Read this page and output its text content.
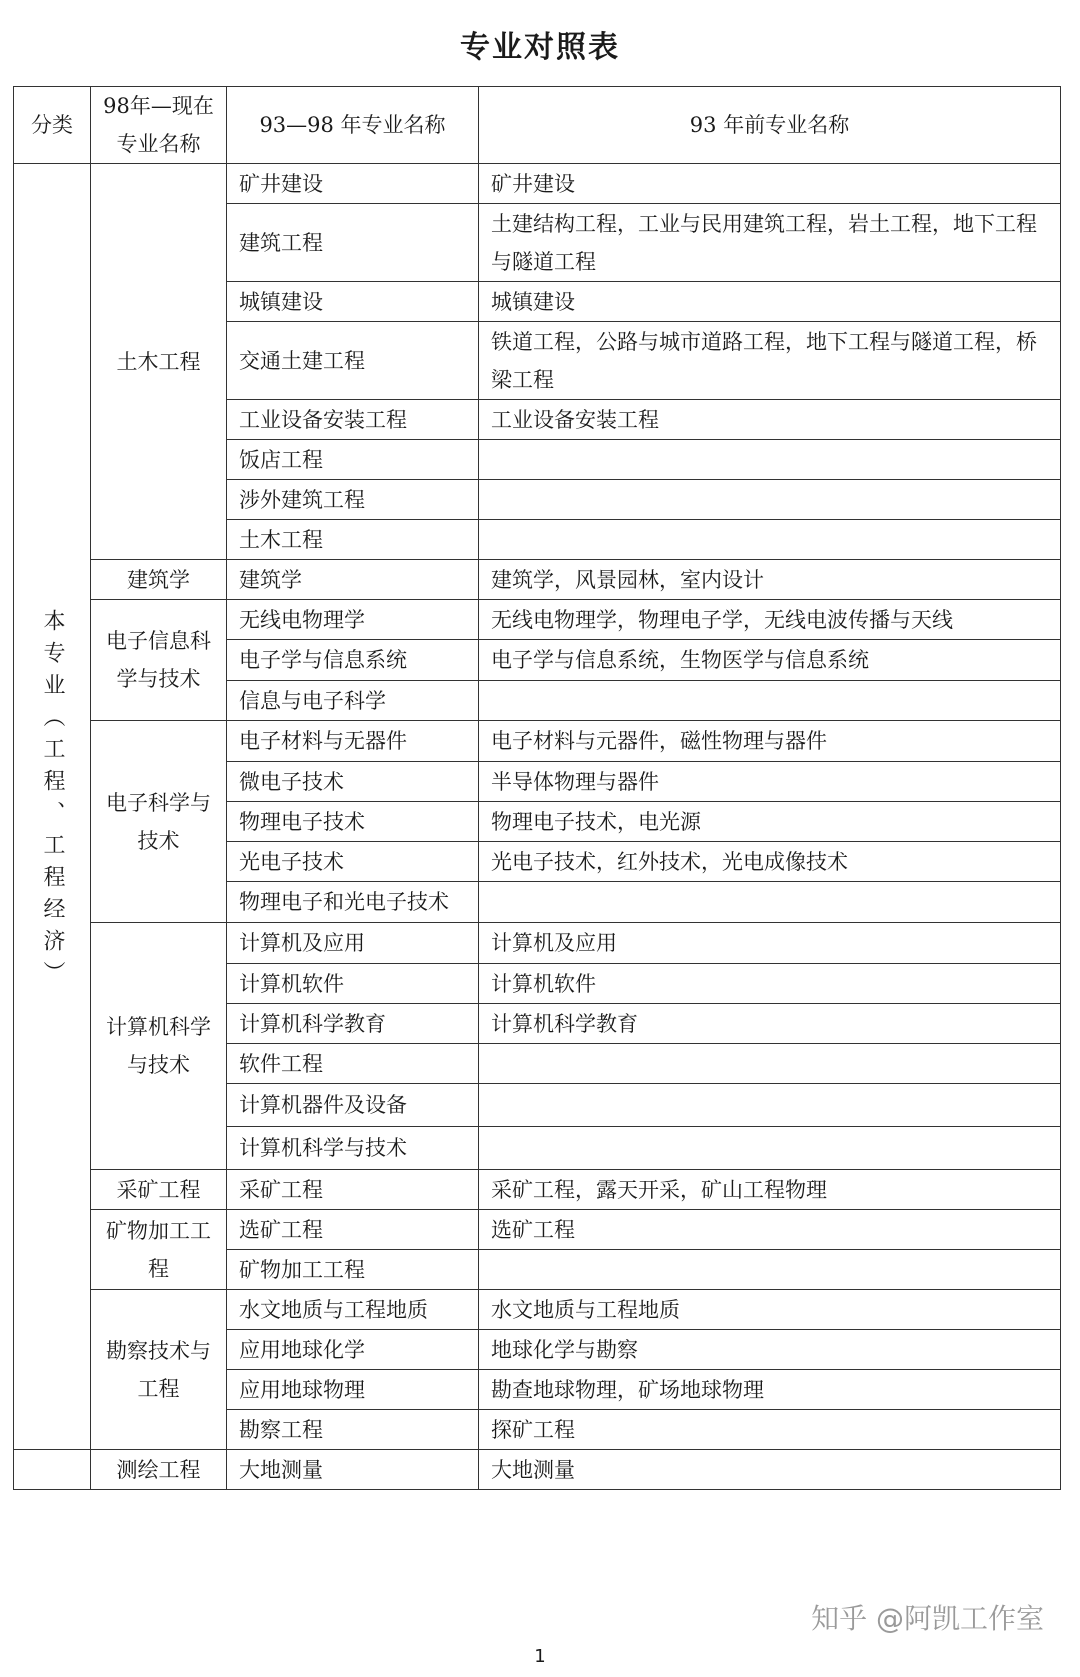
专业对照表
分类	98年—现在专业名称	93—98 年专业名称	93 年前专业名称
本专业（工程、工程经济）	土木工程	矿井建设	矿井建设
		建筑工程	土建结构工程，工业与民用建筑工程，岩土工程，地下工程与隧道工程
		城镇建设	城镇建设
		交通土建工程	铁道工程，公路与城市道路工程，地下工程与隧道工程，桥梁工程
		工业设备安装工程	工业设备安装工程
		饭店工程	
		涉外建筑工程	
		土木工程	
	建筑学	建筑学	建筑学，风景园林，室内设计
	电子信息科学与技术	无线电物理学	无线电物理学，物理电子学，无线电波传播与天线
		电子学与信息系统	电子学与信息系统，生物医学与信息系统
		信息与电子科学	
	电子科学与技术	电子材料与无器件	电子材料与元器件，磁性物理与器件
		微电子技术	半导体物理与器件
		物理电子技术	物理电子技术，电光源
		光电子技术	光电子技术，红外技术，光电成像技术
		物理电子和光电子技术	
	计算机科学与技术	计算机及应用	计算机及应用
		计算机软件	计算机软件
		计算机科学教育	计算机科学教育
		软件工程	
		计算机器件及设备	
		计算机科学与技术	
	采矿工程	采矿工程	采矿工程，露天开采，矿山工程物理
	矿物加工工程	选矿工程	选矿工程
		矿物加工工程	
	勘察技术与工程	水文地质与工程地质	水文地质与工程地质
		应用地球化学	地球化学与勘察
		应用地球物理	勘查地球物理，矿场地球物理
		勘察工程	探矿工程
	测绘工程	大地测量	大地测量
知乎 @阿凯工作室
1
